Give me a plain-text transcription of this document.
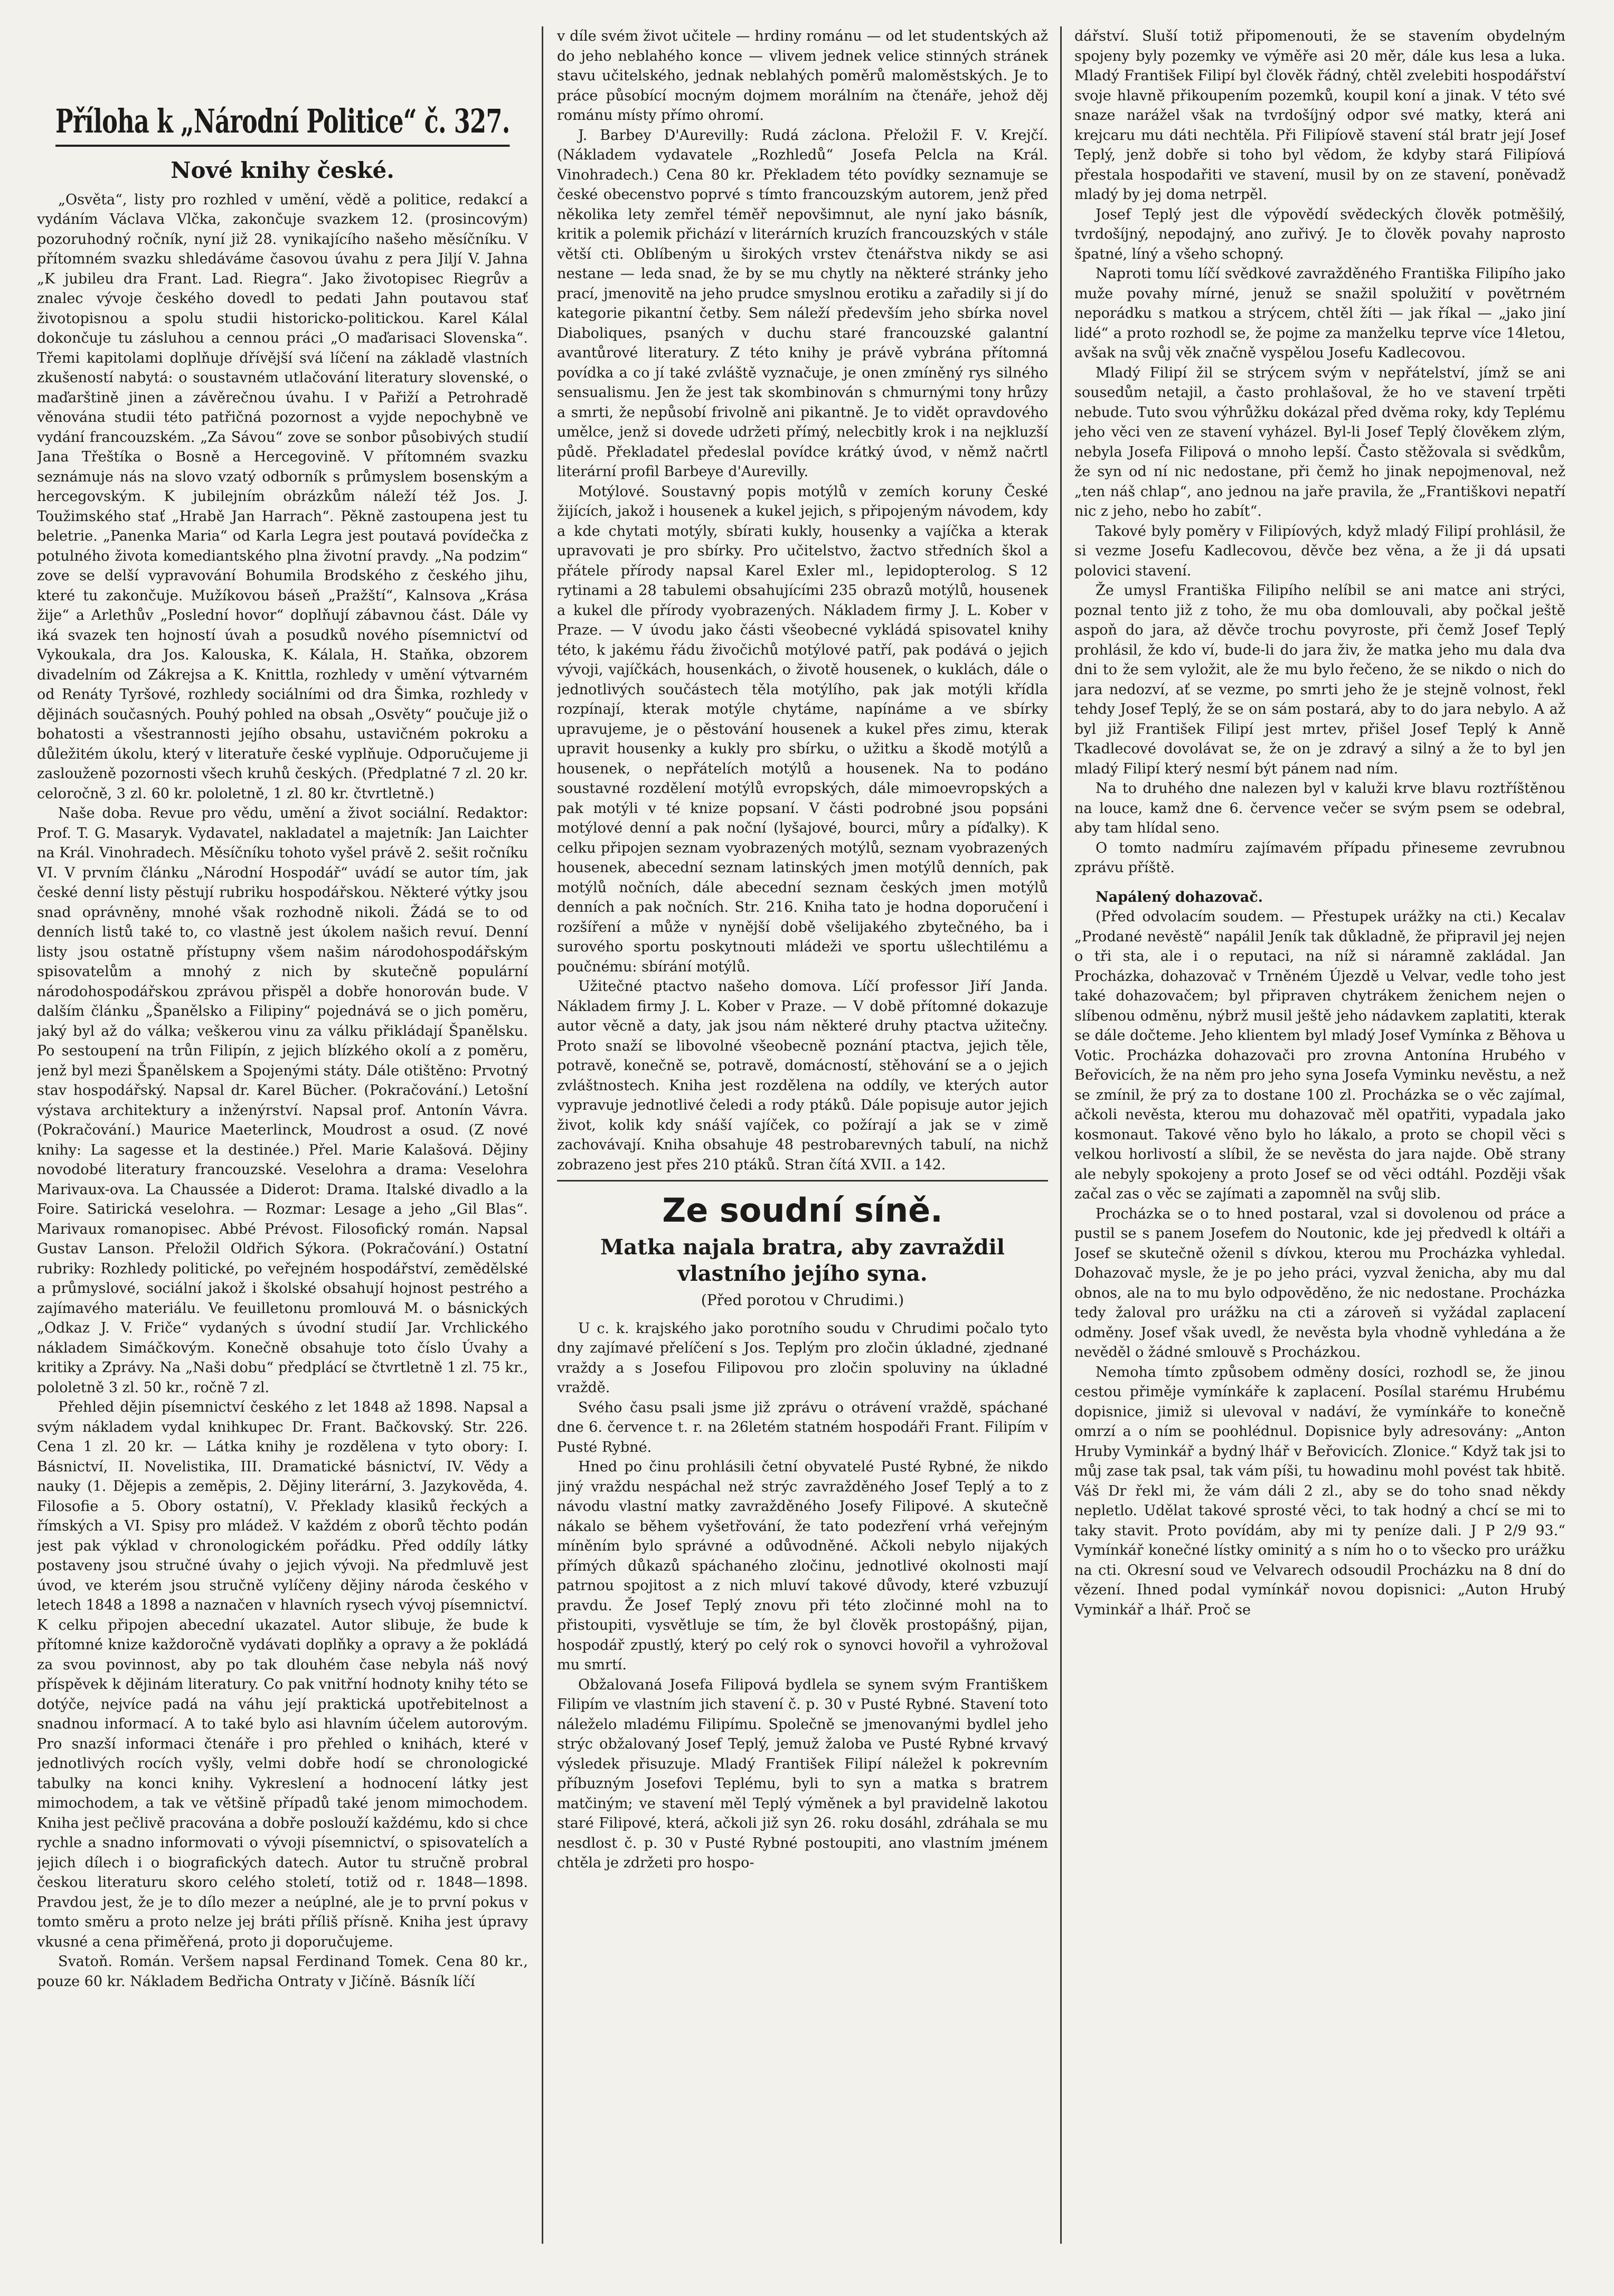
Příloha k „Národní Politice“ č. 327.
Nové knihy české.

„Osvěta“, listy pro rozhled v umění, vědě a politice, redakcí a vydáním Václava Vlčka, zakončuje svazkem 12. (prosincovým) pozoruhodný ročník, nyní již 28. vynikajícího našeho měsíčníku. V přítomném svazku shledáváme časovou úvahu z pera Jiljí V. Jahna „K jubileu dra Frant. Lad. Riegra“. Jako životopisec Riegrův a znalec vývoje českého dovedl to pedati Jahn poutavou stať životopisnou a spolu studii historicko-politickou. Karel Kálal dokončuje tu zásluhou a cennou práci „O maďarisaci Slovenska“. Třemi kapitolami doplňuje dřívější svá líčení na základě vlastních zkušeností nabytá: o soustavném utlačování literatury slovenské, o maďarštině jinen a závěrečnou úvahu. I v Pařiží a Petrohradě věnována studii této patřičná pozornost a vyjde nepochybně ve vydání francouzském. „Za Sávou“ zove se sonbor působivých studií Jana Třeštíka o Bosně a Hercegovině. V přítomném svazku seznámuje nás na slovo vzatý odborník s průmyslem bosenským a hercegovským. K jubilejním obrázkům náleží též Jos. J. Toužimského stať „Hrabě Jan Harrach“. Pěkně zastoupena jest tu beletrie. „Panenka Maria“ od Karla Legra jest poutavá povídečka z potulného života komediantského plna životní pravdy. „Na podzim“ zove se delší vypravování Bohumila Brodského z českého jihu, které tu zakončuje. Mužíkovou báseň „Pražští“, Kalnsova „Krása žije“ a Arlethův „Poslední hovor“ doplňují zábavnou část. Dále vy iká svazek ten hojností úvah a posudků nového písemnictví od Vykoukala, dra Jos. Kalouska, K. Kálala, H. Staňka, obzorem divadelním od Zákrejsa a K. Knittla, rozhledy v umění výtvarném od Renáty Tyršové, rozhledy sociálními od dra Šimka, rozhledy v dějinách současných. Pouhý pohled na obsah „Osvěty“ poučuje již o bohatosti a všestrannosti jejího obsahu, ustavičném pokroku a důležitém úkolu, který v literatuře české vyplňuje. Odporučujeme ji zaslouženě pozornosti všech kruhů českých. (Předplatné 7 zl. 20 kr. celoročně, 3 zl. 60 kr. pololetně, 1 zl. 80 kr. čtvrtletně.)

Naše doba. Revue pro vědu, umění a život sociální. Redaktor: Prof. T. G. Masaryk. Vydavatel, nakladatel a majetník: Jan Laichter na Král. Vinohradech. Měsíčníku tohoto vyšel právě 2. sešit ročníku VI. V prvním článku „Národní Hospodář“ uvádí se autor tím, jak české denní listy pěstují rubriku hospodářskou. Některé výtky jsou snad oprávněny, mnohé však rozhodně nikoli. Žádá se to od denních listů také to, co vlastně jest úkolem našich revuí. Denní listy jsou ostatně přístupny všem našim národohospodářským spisovatelům a mnohý z nich by skutečně populární národohospodářskou zprávou přispěl a dobře honorován bude. V dalším článku „Španělsko a Filipiny“ pojednává se o jich poměru, jaký byl až do válka; veškerou vinu za válku přikládají Španělsku. Po sestoupení na trůn Filipín, z jejich blízkého okolí a z poměru, jenž byl mezi Španělskem a Spojenými státy. Dále otištěno: Prvotný stav hospodářský. Napsal dr. Karel Bücher. (Pokračování.) Letošní výstava architektury a inženýrství. Napsal prof. Antonín Vávra. (Pokračování.) Maurice Maeterlinck, Moudrost a osud. (Z nové knihy: La sagesse et la destinée.) Přel. Marie Kalašová. Dějiny novodobé literatury francouzské. Veselohra a drama: Veselohra Marivaux-ova. La Chaussée a Diderot: Drama. Italské divadlo a la Foire. Satirická veselohra. — Rozmar: Lesage a jeho „Gil Blas“. Marivaux romanopisec. Abbé Prévost. Filosofický román. Napsal Gustav Lanson. Přeložil Oldřich Sýkora. (Pokračování.) Ostatní rubriky: Rozhledy politické, po veřejném hospodářství, zemědělské a průmyslové, sociální jakož i školské obsahují hojnost pestrého a zajímavého materiálu. Ve feuilletonu promlouvá M. o básnických „Odkaz J. V. Friče“ vydaných s úvodní studií Jar. Vrchlického nákladem Simáčkovým. Konečně obsahuje toto číslo Úvahy a kritiky a Zprávy. Na „Naši dobu“ předplácí se čtvrtletně 1 zl. 75 kr., pololetně 3 zl. 50 kr., ročně 7 zl.

Přehled dějin písemnictví českého z let 1848 až 1898. Napsal a svým nákladem vydal knihkupec Dr. Frant. Bačkovský. Str. 226. Cena 1 zl. 20 kr. — Látka knihy je rozdělena v tyto obory: I. Básnictví, II. Novelistika, III. Dramatické básnictví, IV. Vědy a nauky (1. Dějepis a zeměpis, 2. Dějiny literární, 3. Jazykověda, 4. Filosofie a 5. Obory ostatní), V. Překlady klasiků řeckých a římských a VI. Spisy pro mládež. V každém z oborů těchto podán jest pak výklad v chronologickém pořádku. Před oddíly látky postaveny jsou stručné úvahy o jejich vývoji. Na předmluvě jest úvod, ve kterém jsou stručně vylíčeny dějiny národa českého v letech 1848 a 1898 a naznačen v hlavních rysech vývoj písemnictví. K celku připojen abecední ukazatel. Autor slibuje, že bude k přítomné knize každoročně vydávati doplňky a opravy a že pokládá za svou povinnost, aby po tak dlouhém čase nebyla náš nový příspěvek k dějinám literatury. Co pak vnitřní hodnoty knihy této se dotýče, nejvíce padá na váhu její praktická upotřebitelnost a snadnou informací. A to také bylo asi hlavním účelem autorovým. Pro snazší informaci čtenáře i pro přehled o knihách, které v jednotlivých rocích vyšly, velmi dobře hodí se chronologické tabulky na konci knihy. Vykreslení a hodnocení látky jest mimochodem, a tak ve většině případů také jenom mimochodem. Kniha jest pečlivě pracována a dobře poslouží každému, kdo si chce rychle a snadno informovati o vývoji písemnictví, o spisovatelích a jejich dílech i o biografických datech. Autor tu stručně probral českou literaturu skoro celého století, totiž od r. 1848—1898. Pravdou jest, že je to dílo mezer a neúplné, ale je to první pokus v tomto směru a proto nelze jej bráti příliš přísně. Kniha jest úpravy vkusné a cena přiměřená, proto ji doporučujeme.

Svatoň. Román. Veršem napsal Ferdinand Tomek. Cena 80 kr., pouze 60 kr. Nákladem Bedřicha Ontraty v Jičíně. Básník líčí

v díle svém život učitele — hrdiny románu — od let studentských až do jeho neblahého konce — vlivem jednek velice stinných stránek stavu učitelského, jednak neblahých poměrů maloměstských. Je to práce působící mocným dojmem morálním na čtenáře, jehož děj románu místy přímo ohromí.

J. Barbey D'Aurevilly: Rudá záclona. Přeložil F. V. Krejčí. (Nákladem vydavatele „Rozhledů“ Josefa Pelcla na Král. Vinohradech.) Cena 80 kr. Překladem této povídky seznamuje se české obecenstvo poprvé s tímto francouzským autorem, jenž před několika lety zemřel téměř nepovšimnut, ale nyní jako básník, kritik a polemik přichází v literárních kruzích francouzských v stále větší cti. Oblíbeným u širokých vrstev čtenářstva nikdy se asi nestane — leda snad, že by se mu chytly na některé stránky jeho prací, jmenovitě na jeho prudce smyslnou erotiku a zařadily si jí do kategorie pikantní četby. Sem náleží především jeho sbírka novel Diaboliques, psaných v duchu staré francouzské galantní avantůrové literatury. Z této knihy je právě vybrána přítomná povídka a co jí také zvláště vyznačuje, je onen zmíněný rys silného sensualismu. Jen že jest tak skombinován s chmurnými tony hrůzy a smrti, že nepůsobí frivolně ani pikantně. Je to vidět opravdového umělce, jenž si dovede udržeti přímý, nelecbitly krok i na nejkluzší půdě. Překladatel předeslal povídce krátký úvod, v němž načrtl literární profil Barbeye d'Aurevilly.

Motýlové. Soustavný popis motýlů v zemích koruny České žijících, jakož i housenek a kukel jejich, s připojeným návodem, kdy a kde chytati motýly, sbírati kukly, housenky a vajíčka a kterak upravovati je pro sbírky. Pro učitelstvo, žactvo středních škol a přátele přírody napsal Karel Exler ml., lepidopterolog. S 12 rytinami a 28 tabulemi obsahujícími 235 obrazů motýlů, housenek a kukel dle přírody vyobrazených. Nákladem firmy J. L. Kober v Praze. — V úvodu jako části všeobecné vykládá spisovatel knihy této, k jakému řádu živočichů motýlové patří, pak podává o jejich vývoji, vajíčkách, housenkách, o životě housenek, o kuklách, dále o jednotlivých součástech těla motýlího, pak jak motýli křídla rozpínají, kterak motýle chytáme, napínáme a ve sbírky upravujeme, je o pěstování housenek a kukel přes zimu, kterak upravit housenky a kukly pro sbírku, o užitku a škodě motýlů a housenek, o nepřátelích motýlů a housenek. Na to podáno soustavné rozdělení motýlů evropských, dále mimoevropských a pak motýli v té knize popsaní. V části podrobné jsou popsáni motýlové denní a pak noční (lyšajové, bourci, můry a píďalky). K celku připojen seznam vyobrazených motýlů, seznam vyobrazených housenek, abecední seznam latinských jmen motýlů denních, pak motýlů nočních, dále abecední seznam českých jmen motýlů denních a pak nočních. Str. 216. Kniha tato je hodna doporučení i rozšíření a může v nynější době všelijakého zbytečného, ba i surového sportu poskytnouti mládeži ve sportu ušlechtilému a poučnému: sbírání motýlů.

Užitečné ptactvo našeho domova. Líčí professor Jiří Janda. Nákladem firmy J. L. Kober v Praze. — V době přítomné dokazuje autor věcně a daty, jak jsou nám některé druhy ptactva užitečny. Proto snaží se libovolné všeobecně poznání ptactva, jejich těle, potravě, konečně se, potravě, domácností, stěhování se a o jejich zvláštnostech. Kniha jest rozdělena na oddíly, ve kterých autor vypravuje jednotlivé čeledi a rody ptáků. Dále popisuje autor jejich život, kolik kdy snáší vajíček, co požírají a jak se v zimě zachovávají. Kniha obsahuje 48 pestrobarevných tabulí, na nichž zobrazeno jest přes 210 ptáků. Stran čítá XVII. a 142.

Ze soudní síně.
Matka najala bratra, aby zavraždil vlastního jejího syna.
(Před porotou v Chrudimi.)

U c. k. krajského jako porotního soudu v Chrudimi počalo tyto dny zajímavé přelíčení s Jos. Teplým pro zločin úkladné, zjednané vraždy a s Josefou Filipovou pro zločin spoluviny na úkladné vraždě.

Svého času psali jsme již zprávu o otrávení vraždě, spáchané dne 6. července t. r. na 26letém statném hospodáři Frant. Filipím v Pusté Rybné.

Hned po činu prohlásili četní obyvatelé Pusté Rybné, že nikdo jiný vraždu nespáchal než strýc zavražděného Josef Teplý a to z návodu vlastní matky zavražděného Josefy Filipové. A skutečně nákalo se během vyšetřování, že tato podezření vrhá veřejným míněním bylo správné a odůvodněné. Ačkoli nebylo nijakých přímých důkazů spáchaného zločinu, jednotlivé okolnosti mají patrnou spojitost a z nich mluví takové důvody, které vzbuzují pravdu. Že Josef Teplý znovu při této zločinné mohl na to přistoupiti, vysvětluje se tím, že byl člověk prostopášný, pijan, hospodář zpustlý, který po celý rok o synovci hovořil a vyhrožoval mu smrtí.

Obžalovaná Josefa Filipová bydlela se synem svým Františkem Filipím ve vlastním jich stavení č. p. 30 v Pusté Rybné. Stavení toto náleželo mladému Filipímu. Společně se jmenovanými bydlel jeho strýc obžalovaný Josef Teplý, jemuž žaloba ve Pusté Rybné krvavý výsledek přisuzuje. Mladý František Filipí náležel k pokrevním příbuzným Josefovi Teplému, byli to syn a matka s bratrem matčiným; ve stavení měl Teplý výměnek a byl pravidelně lakotou staré Filipové, která, ačkoli již syn 26. roku dosáhl, zdráhala se mu nesdlost č. p. 30 v Pusté Rybné postoupiti, ano vlastním jménem chtěla je zdržeti pro hospo-

dářství. Sluší totiž připomenouti, že se stavením obydelným spojeny byly pozemky ve výměře asi 20 měr, dále kus lesa a luka. Mladý František Filipí byl člověk řádný, chtěl zvelebiti hospodářství svoje hlavně přikoupením pozemků, koupil koní a jinak. V této své snaze narážel však na tvrdošíjný odpor své matky, která ani krejcaru mu dáti nechtěla. Při Filipíově stavení stál bratr její Josef Teplý, jenž dobře si toho byl vědom, že kdyby stará Filipíová přestala hospodařiti ve stavení, musil by on ze stavení, poněvadž mladý by jej doma netrpěl.

Josef Teplý jest dle výpovědí svědeckých člověk potměšilý, tvrdošíjný, nepodajný, ano zuřivý. Je to člověk povahy naprosto špatné, líný a všeho schopný.

Naproti tomu líčí svědkové zavražděného Františka Filipího jako muže povahy mírné, jenuž se snažil spolužití v povětrném neporádku s matkou a strýcem, chtěl žíti — jak říkal — „jako jiní lidé“ a proto rozhodl se, že pojme za manželku teprve více 14letou, avšak na svůj věk značně vyspělou Josefu Kadlecovou.

Mladý Filipí žil se strýcem svým v nepřátelství, jímž se ani sousedům netajil, a často prohlašoval, že ho ve stavení trpěti nebude. Tuto svou výhrůžku dokázal před dvěma roky, kdy Teplému jeho věci ven ze stavení vyházel. Byl-li Josef Teplý člověkem zlým, nebyla Josefa Filipová o mnoho lepší. Často stěžovala si svědkům, že syn od ní nic nedostane, při čemž ho jinak nepojmenoval, než „ten náš chlap“, ano jednou na jaře pravila, že „Františkovi nepatří nic z jeho, nebo ho zabít“.

Takové byly poměry v Filipíových, když mladý Filipí prohlásil, že si vezme Josefu Kadlecovou, děvče bez věna, a že ji dá upsati polovici stavení.

Že umysl Františka Filipího nelíbil se ani matce ani strýci, poznal tento již z toho, že mu oba domlouvali, aby počkal ještě aspoň do jara, až děvče trochu povyroste, při čemž Josef Teplý prohlásil, že kdo ví, bude-li do jara živ, že matka jeho mu dala dva dni to že sem vyložit, ale že mu bylo řečeno, že se nikdo o nich do jara nedozví, ať se vezme, po smrti jeho že je stejně volnost, řekl tehdy Josef Teplý, že se on sám postará, aby to do jara nebylo. A až byl již František Filipí jest mrtev, přišel Josef Teplý k Anně Tkadlecové dovolávat se, že on je zdravý a silný a že to byl jen mladý Filipí který nesmí být pánem nad ním.

Na to druhého dne nalezen byl v kaluži krve blavu roztříštěnou na louce, kamž dne 6. července večer se svým psem se odebral, aby tam hlídal seno.

O tomto nadmíru zajímavém případu přineseme zevrubnou zprávu příště.

Napálený dohazovač.

(Před odvolacím soudem. — Přestupek urážky na cti.) Kecalav „Prodané nevěstě“ napálil Jeník tak důkladně, že připravil jej nejen o tři sta, ale i o reputaci, na níž si náramně zakládal. Jan Procházka, dohazovač v Trněném Újezdě u Velvar, vedle toho jest také dohazovačem; byl připraven chytrákem ženichem nejen o slíbenou odměnu, nýbrž musil ještě jeho nádavkem zaplatiti, kterak se dále dočteme. Jeho klientem byl mladý Josef Vymínka z Běhova u Votic. Procházka dohazovači pro zrovna Antonína Hrubého v Beřovicích, že na něm pro jeho syna Josefa Vyminku nevěstu, a než se zmínil, že prý za to dostane 100 zl. Procházka se o věc zajímal, ačkoli nevěsta, kterou mu dohazovač měl opatřiti, vypadala jako kosmonaut. Takové věno bylo ho lákalo, a proto se chopil věci s velkou horlivostí a slíbil, že se nevěsta do jara najde. Obě strany ale nebyly spokojeny a proto Josef se od věci odtáhl. Později však začal zas o věc se zajímati a zapomněl na svůj slib.

Procházka se o to hned postaral, vzal si dovolenou od práce a pustil se s panem Josefem do Noutonic, kde jej předvedl k oltáři a Josef se skutečně oženil s dívkou, kterou mu Procházka vyhledal. Dohazovač mysle, že je po jeho práci, vyzval ženicha, aby mu dal obnos, ale na to mu bylo odpověděno, že nic nedostane. Procházka tedy žaloval pro urážku na cti a zároveň si vyžádal zaplacení odměny. Josef však uvedl, že nevěsta byla vhodně vyhledána a že nevěděl o žádné smlouvě s Procházkou.

Nemoha tímto způsobem odměny dosíci, rozhodl se, že jinou cestou přiměje vymínkáře k zaplacení. Posílal starému Hrubému dopisnice, jimiž si ulevoval v nadáví, že vymínkáře to konečně omrzí a o ním se poohlédnul. Dopisnice byly adresovány: „Anton Hruby Vyminkář a bydný lhář v Beřovicích. Zlonice.“ Když tak jsi to můj zase tak psal, tak vám píši, tu howadinu mohl povést tak hbitě. Váš Dr řekl mi, že vám dáli 2 zl., aby se do toho snad někdy nepletlo. Udělat takové sprosté věci, to tak hodný a chcí se mi to taky stavit. Proto povídám, aby mi ty peníze dali. J P 2/9 93.“ Vymínkář konečné lístky ominitý a s ním ho o to všecko pro urážku na cti. Okresní soud ve Velvarech odsoudil Procházku na 8 dní do vězení. Ihned podal vymínkář novou dopisnici: „Auton Hrubý Vyminkář a lhář. Proč se
